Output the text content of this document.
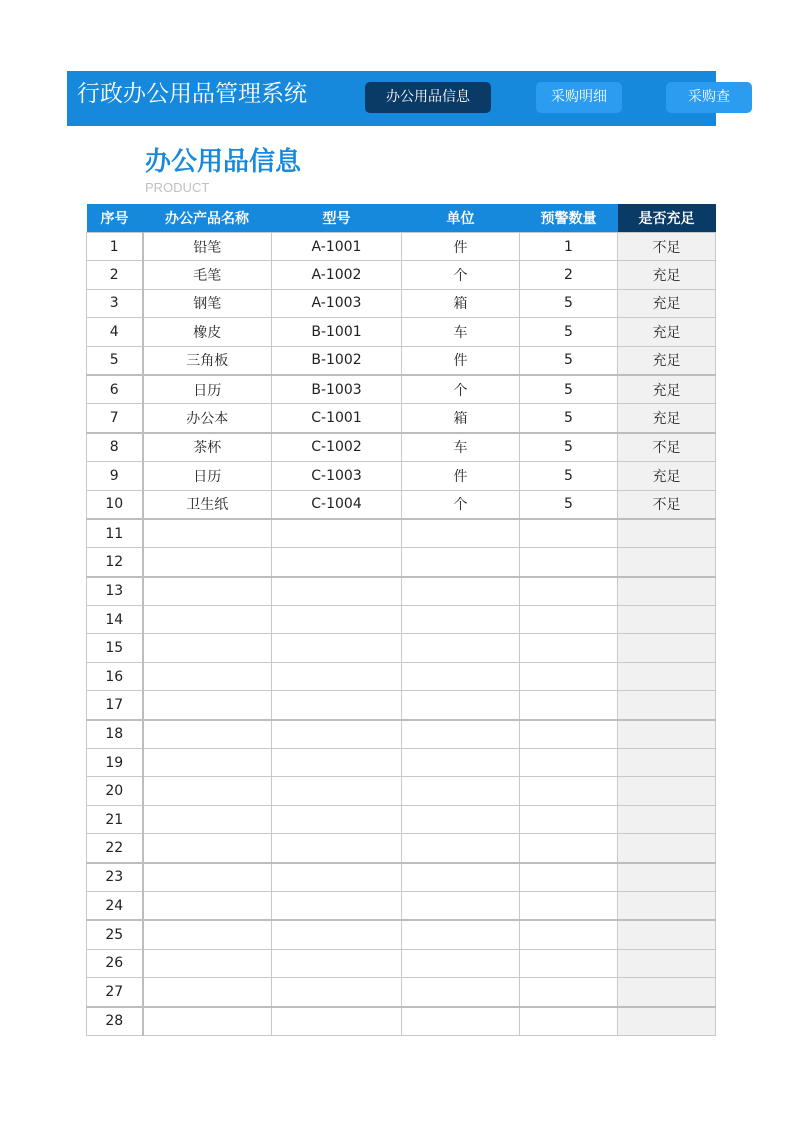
行政办公用品管理系统	办公用品信息	采购明细	采购查
办公用品信息
PRODUCT
序号	办公产品名称	型号	单位	预警数量	是否充足
1	铅笔	A-1001	件	1	不足
2	毛笔	A-1002	个	2	充足
3	钢笔	A-1003	箱	5	充足
4	橡皮	B-1001	车	5	充足
5	三角板	B-1002	件	5	充足
6	日历	B-1003	个	5	充足
7	办公本	C-1001	箱	5	充足
8	茶杯	C-1002	车	5	不足
9	日历	C-1003	件	5	充足
10	卫生纸	C-1004	个	5	不足
11					
12					
13					
14					
15					
16					
17					
18					
19					
20					
21					
22					
23					
24					
25					
26					
27					
28					
